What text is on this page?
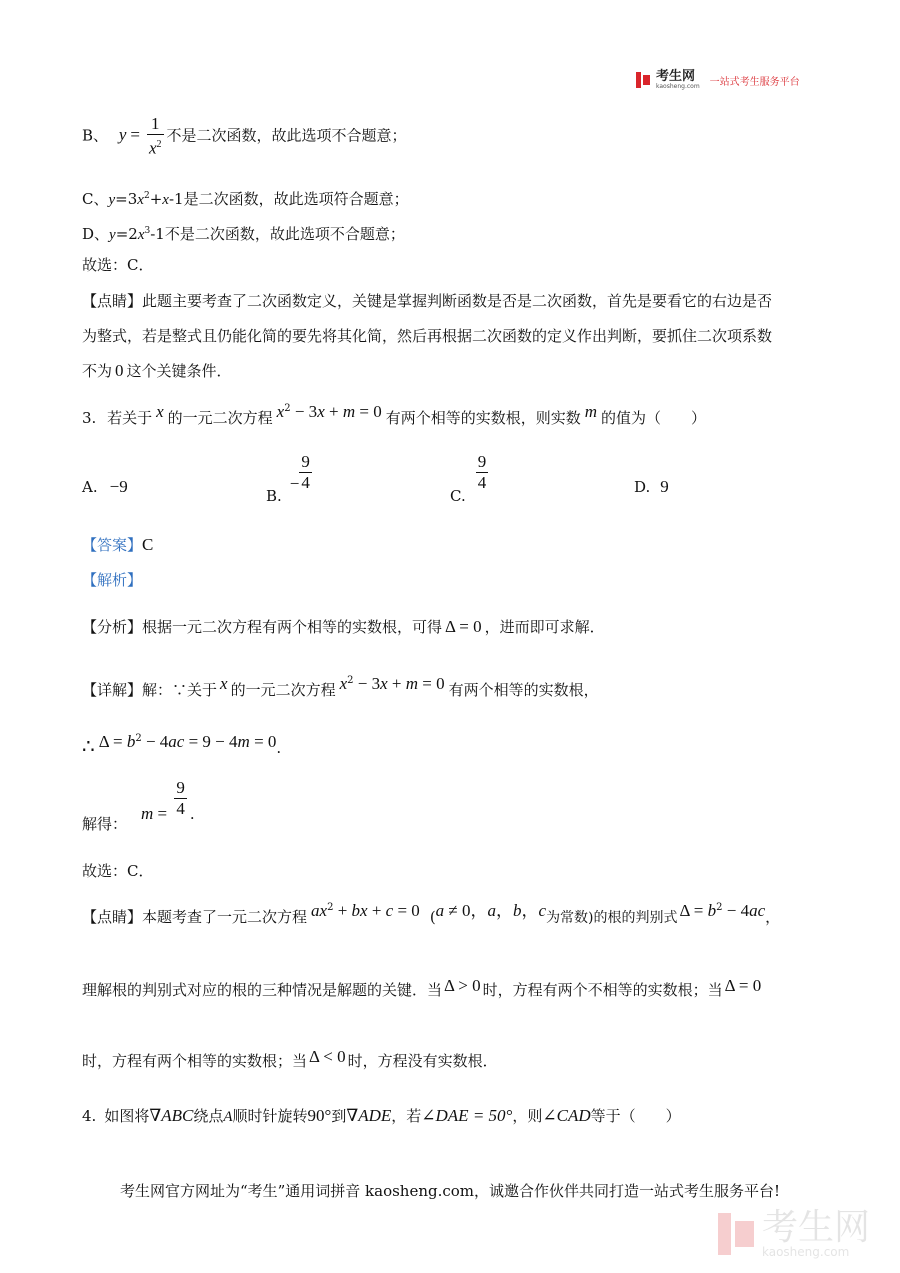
考生网
kaosheng.com 一站式考生服务平台
B、 $y = \frac{1}{x^2}$ 不是二次函数，故此选项不合题意；
C、$y=3x^2+x-1$是二次函数，故此选项符合题意；
D、$y=2x^3-1$不是二次函数，故此选项不合题意；
故选：C．
【点睛】此题主要考查了二次函数定义，关键是掌握判断函数是否是二次函数，首先是要看它的右边是否
为整式，若是整式且仍能化简的要先将其化简，然后再根据二次函数的定义作出判断，要抓住二次项系数
不为 0 这个关键条件．
3. 若关于 x 的一元二次方程 $x^2 - 3x + m = 0$ 有两个相等的实数根，则实数 m 的值为（　　）
A. −9	$B.- \frac{9}{4}$
C.
$\frac{9}{4}$	D. 9
【答案】C
【解析】
【分析】根据一元二次方程有两个相等的实数根，可得 Δ = 0 ，进而即可求解．
【详解】解：∵关于 x 的一元二次方程 $x^2 - 3x + m = 0$ 有两个相等的实数根，
∴ $\Delta = b^2 - 4ac = 9 - 4m = 0$.
解得：$m = \frac{9}{4}$ .
故选：C．
【点睛】本题考查了一元二次方程 $ax^2$ + bx + c = 0 (a ≠ 0，a，b，c为常数)的根的判别式 $\Delta = b^2 - 4ac$，
理解根的判别式对应的根的三种情况是解题的关键．当 Δ > 0 时，方程有两个不相等的实数根；当 Δ = 0
时，方程有两个相等的实数根；当 Δ < 0 时，方程没有实数根．
4. 如图将∇ABC绕点A顺时针旋转90°到∇ADE，若∠DAE = 50°，则∠CAD等于（　　）
考生网官方网址为“考生”通用词拼音 kaosheng.com，诚邀合作伙伴共同打造一站式考生服务平台!
考生网
kaosheng.com
